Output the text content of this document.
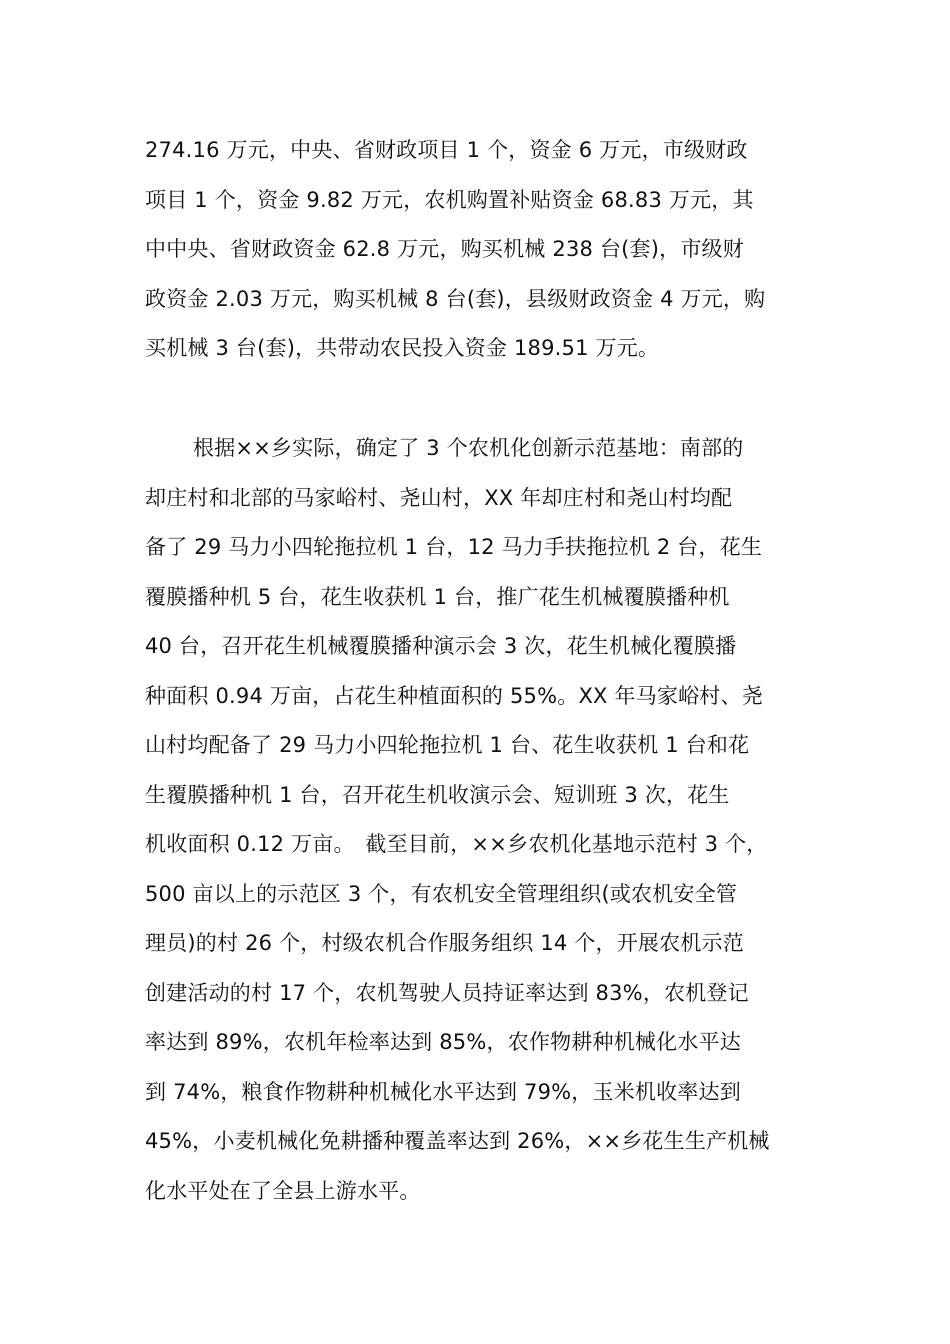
274.16 万元，中央、省财政项目 1 个，资金 6 万元，市级财政
项目 1 个，资金 9.82 万元，农机购置补贴资金 68.83 万元，其
中中央、省财政资金 62.8 万元，购买机械 238 台(套)，市级财
政资金 2.03 万元，购买机械 8 台(套)，县级财政资金 4 万元，购
买机械 3 台(套)，共带动农民投入资金 189.51 万元。
根据××乡实际，确定了 3 个农机化创新示范基地：南部的
却庄村和北部的马家峪村、尧山村，XX 年却庄村和尧山村均配
备了 29 马力小四轮拖拉机 1 台，12 马力手扶拖拉机 2 台，花生
覆膜播种机 5 台，花生收获机 1 台，推广花生机械覆膜播种机
40 台，召开花生机械覆膜播种演示会 3 次，花生机械化覆膜播
种面积 0.94 万亩，占花生种植面积的 55%。XX 年马家峪村、尧
山村均配备了 29 马力小四轮拖拉机 1 台、花生收获机 1 台和花
生覆膜播种机 1 台，召开花生机收演示会、短训班 3 次，花生
机收面积 0.12 万亩。　截至目前，××乡农机化基地示范村 3 个，
500 亩以上的示范区 3 个，有农机安全管理组织(或农机安全管
理员)的村 26 个，村级农机合作服务组织 14 个，开展农机示范
创建活动的村 17 个，农机驾驶人员持证率达到 83%，农机登记
率达到 89%，农机年检率达到 85%，农作物耕种机械化水平达
到 74%，粮食作物耕种机械化水平达到 79%，玉米机收率达到
45%，小麦机械化免耕播种覆盖率达到 26%，××乡花生生产机械
化水平处在了全县上游水平。
